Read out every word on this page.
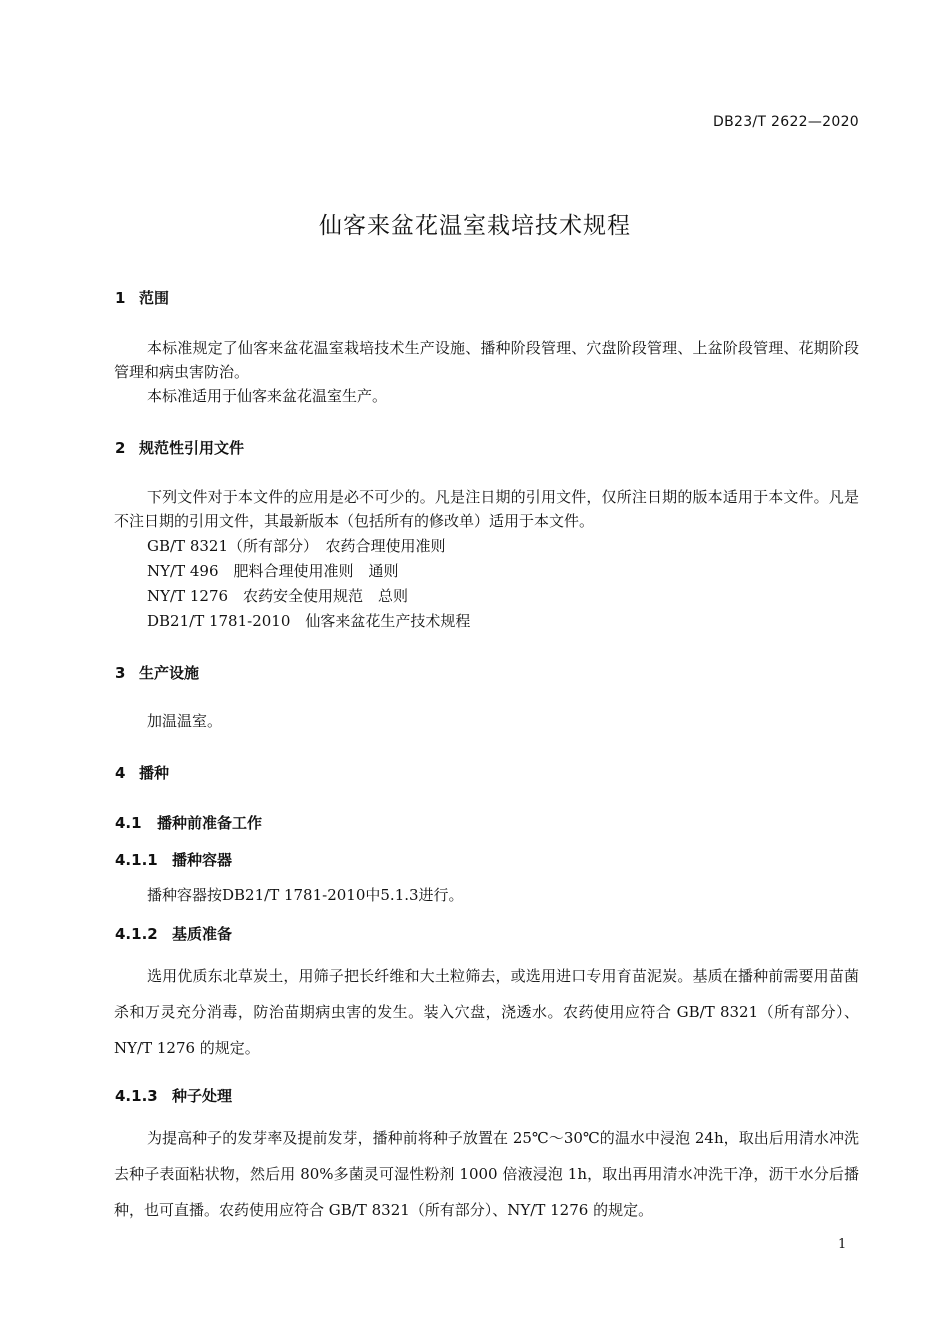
DB23/T 2622—2020
仙客来盆花温室栽培技术规程
1 范围
本标准规定了仙客来盆花温室栽培技术生产设施、播种阶段管理、穴盘阶段管理、上盆阶段管理、花期阶段管理和病虫害防治。
本标准适用于仙客来盆花温室生产。
2 规范性引用文件
下列文件对于本文件的应用是必不可少的。凡是注日期的引用文件，仅所注日期的版本适用于本文件。凡是不注日期的引用文件，其最新版本（包括所有的修改单）适用于本文件。
GB/T 8321（所有部分）　农药合理使用准则
NY/T 496　肥料合理使用准则　通则
NY/T 1276　农药安全使用规范　总则
DB21/T 1781-2010　仙客来盆花生产技术规程
3 生产设施
加温温室。
4 播种
4.1 播种前准备工作
4.1.1 播种容器
播种容器按DB21/T 1781-2010中5.1.3进行。
4.1.2 基质准备
选用优质东北草炭土，用筛子把长纤维和大土粒筛去，或选用进口专用育苗泥炭。基质在播种前需要用苗菌杀和万灵充分消毒，防治苗期病虫害的发生。装入穴盘，浇透水。农药使用应符合 GB/T 8321（所有部分）、NY/T 1276 的规定。
4.1.3 种子处理
为提高种子的发芽率及提前发芽，播种前将种子放置在 25℃～30℃的温水中浸泡 24h，取出后用清水冲洗去种子表面粘状物，然后用 80%多菌灵可湿性粉剂 1000 倍液浸泡 1h，取出再用清水冲洗干净，沥干水分后播种，也可直播。农药使用应符合 GB/T 8321（所有部分）、NY/T 1276 的规定。
1
